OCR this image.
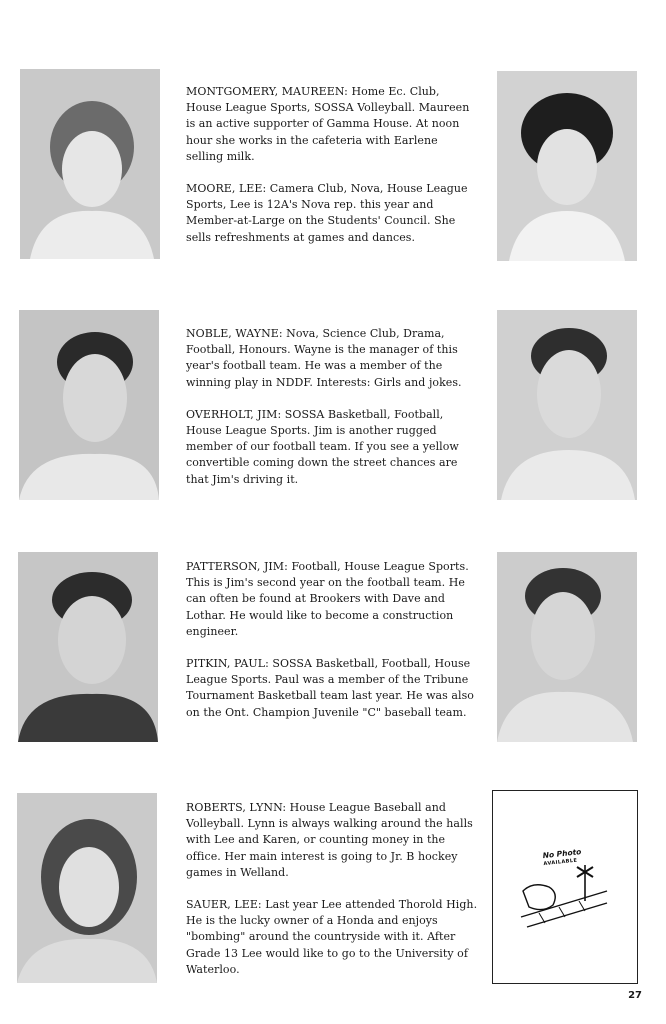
MONTGOMERY, MAUREEN: Home Ec. Club, House League Sports, SOSSA Volleyball. Maureen is an active supporter of Gamma House. At noon hour she works in the cafeteria with Earlene selling milk.

MOORE, LEE: Camera Club, Nova, House League Sports, Lee is 12A's Nova rep. this year and Member-at-Large on the Students' Council. She sells refreshments at games and dances.

NOBLE, WAYNE: Nova, Science Club, Drama, Football, Honours. Wayne is the manager of this year's football team. He was a member of the winning play in NDDF. Interests: Girls and jokes.

OVERHOLT, JIM: SOSSA Basketball, Football, House League Sports. Jim is another rugged member of our football team. If you see a yellow convertible coming down the street chances are that Jim's driving it.

PATTERSON, JIM: Football, House League Sports. This is Jim's second year on the football team. He can often be found at Brookers with Dave and Lothar. He would like to become a construction engineer.

PITKIN, PAUL: SOSSA Basketball, Football, House League Sports. Paul was a member of the Tribune Tournament Basketball team last year. He was also on the Ont. Champion Juvenile "C" baseball team.

No Photo
AVAILABLE

ROBERTS, LYNN: House League Baseball and Volleyball. Lynn is always walking around the halls with Lee and Karen, or counting money in the office. Her main interest is going to Jr. B hockey games in Welland.

SAUER, LEE: Last year Lee attended Thorold High. He is the lucky owner of a Honda and enjoys "bombing" around the countryside with it. After Grade 13 Lee would like to go to the University of Waterloo.

27
